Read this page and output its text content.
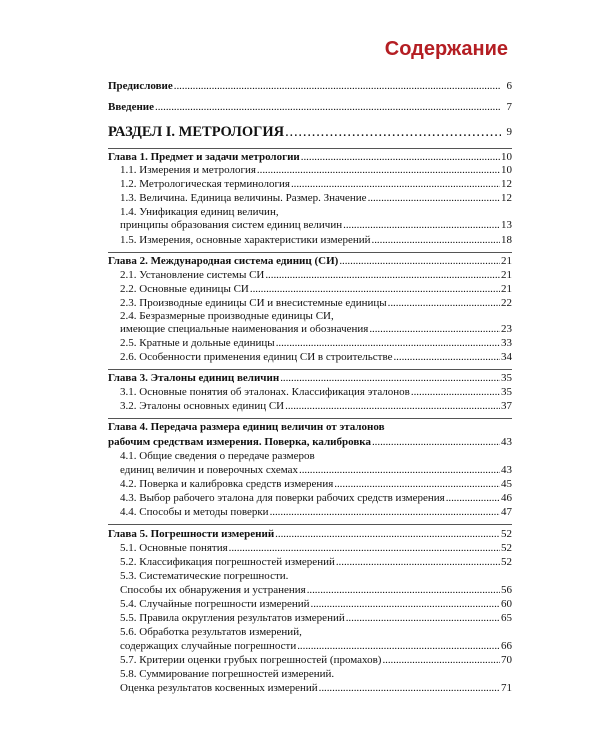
Содержание
Предисловие . . .	6
Введение . . .	7
РАЗДЕЛ I. МЕТРОЛОГИЯ . . .	9
Глава 1. Предмет и задачи метрологии . . .	10
1.1. Измерения и метрология . . .	10
1.2. Метрологическая терминология . . .	12
1.3. Величина. Единица величины. Размер. Значение . . .	12
1.4. Унификация единиц величин,
принципы образования систем единиц величин . . .	13
1.5. Измерения, основные характеристики измерений . . .	18
Глава 2. Международная система единиц (СИ) . . .	21
2.1. Установление системы СИ . . .	21
2.2. Основные единицы СИ . . .	21
2.3. Производные единицы СИ и внесистемные единицы . . .	22
2.4. Безразмерные производные единицы СИ,
имеющие специальные наименования и обозначения . . .	23
2.5. Кратные и дольные единицы . . .	33
2.6. Особенности применения единиц СИ в строительстве . . .	34
Глава 3. Эталоны единиц величин . . .	35
3.1. Основные понятия об эталонах. Классификация эталонов . . .	35
3.2. Эталоны основных единиц СИ . . .	37
Глава 4. Передача размера единиц величин от эталонов
рабочим средствам измерения. Поверка, калибровка . . .	43
4.1. Общие сведения о передаче размеров
единиц величин и поверочных схемах . . .	43
4.2. Поверка и калибровка средств измерения . . .	45
4.3. Выбор рабочего эталона для поверки рабочих средств измерения . . .	46
4.4. Способы и методы поверки . . .	47
Глава 5. Погрешности измерений . . .	52
5.1. Основные понятия . . .	52
5.2. Классификация погрешностей измерений . . .	52
5.3. Систематические погрешности.
Способы их обнаружения и устранения . . .	56
5.4. Случайные погрешности измерений . . .	60
5.5. Правила округления результатов измерений . . .	65
5.6. Обработка результатов измерений,
содержащих случайные погрешности . . .	66
5.7. Критерии оценки грубых погрешностей (промахов) . . .	70
5.8. Суммирование погрешностей измерений.
Оценка результатов косвенных измерений . . .	71
